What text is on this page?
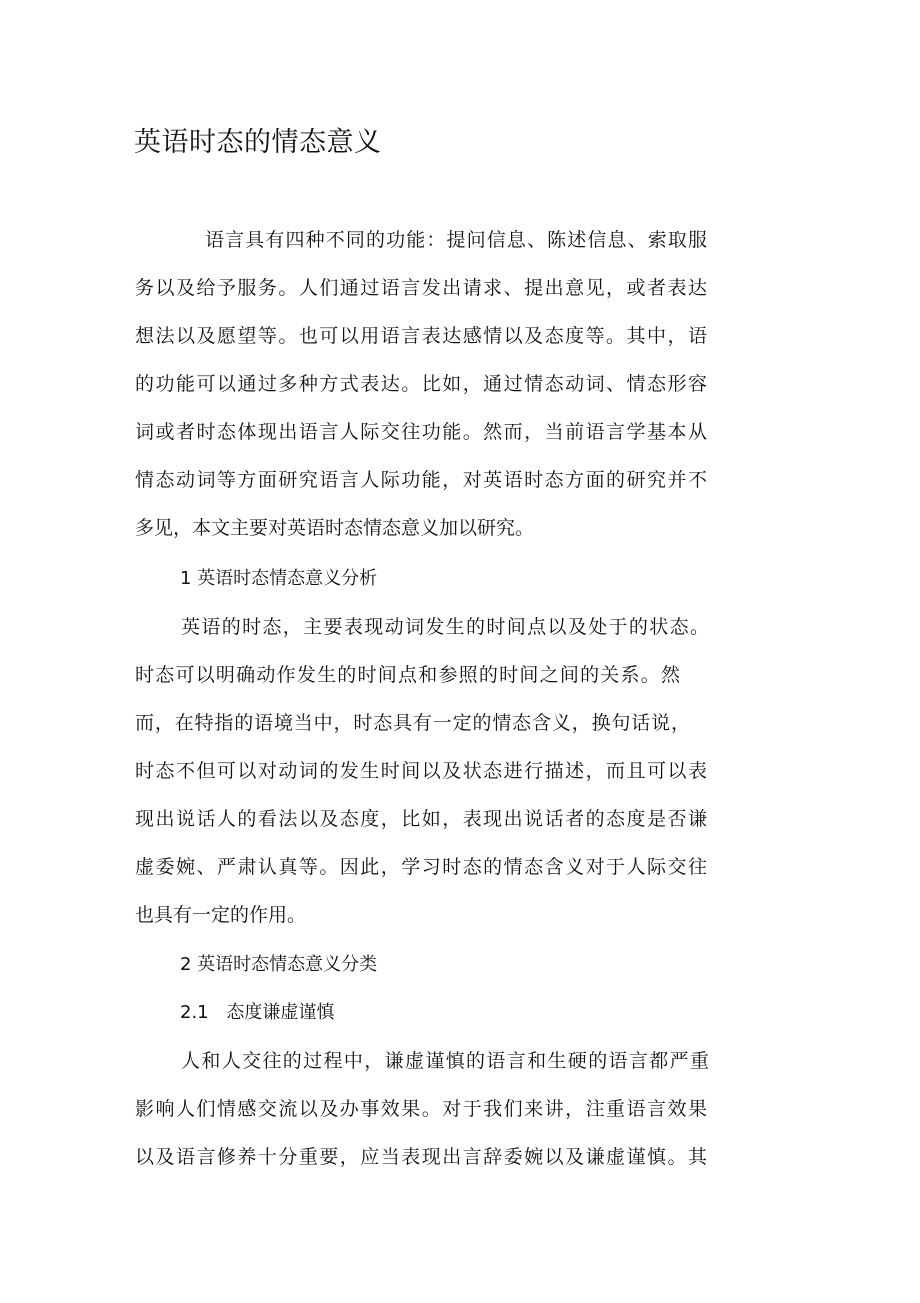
英语时态的情态意义
语言具有四种不同的功能：提问信息、陈述信息、索取服
务以及给予服务。人们通过语言发出请求、提出意见，或者表达
想法以及愿望等。也可以用语言表达感情以及态度等。其中，语
的功能可以通过多种方式表达。比如，通过情态动词、情态形容
词或者时态体现出语言人际交往功能。然而，当前语言学基本从
情态动词等方面研究语言人际功能，对英语时态方面的研究并不
多见，本文主要对英语时态情态意义加以研究。
1 英语时态情态意义分析
英语的时态，主要表现动词发生的时间点以及处于的状态。
时态可以明确动作发生的时间点和参照的时间之间的关系。然
而，在特指的语境当中，时态具有一定的情态含义，换句话说，
时态不但可以对动词的发生时间以及状态进行描述，而且可以表
现出说话人的看法以及态度，比如，表现出说话者的态度是否谦
虚委婉、严肃认真等。因此，学习时态的情态含义对于人际交往
也具有一定的作用。
2 英语时态情态意义分类
2.1 态度谦虚谨慎
人和人交往的过程中，谦虚谨慎的语言和生硬的语言都严重
影响人们情感交流以及办事效果。对于我们来讲，注重语言效果
以及语言修养十分重要，应当表现出言辞委婉以及谦虚谨慎。其
